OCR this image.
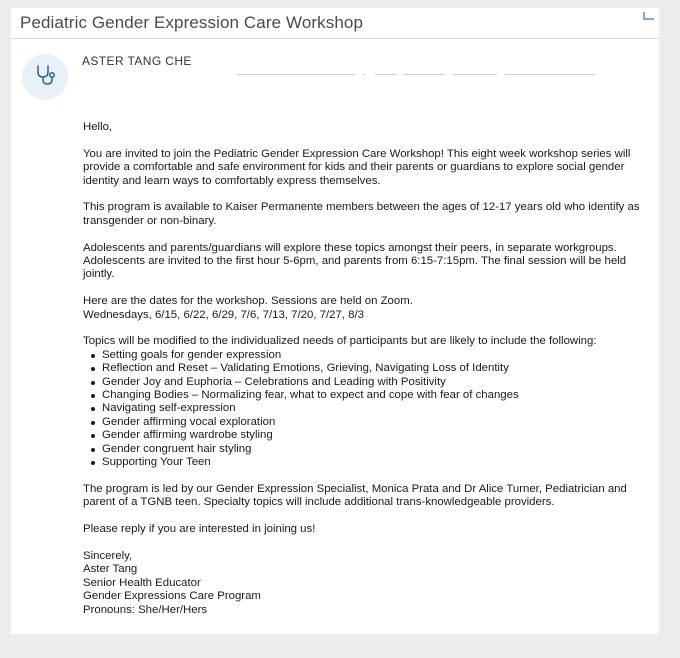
Pediatric Gender Expression Care Workshop
ASTER TANG CHE

Hello,

You are invited to join the Pediatric Gender Expression Care Workshop! This eight week workshop series will provide a comfortable and safe environment for kids and their parents or guardians to explore social gender identity and learn ways to comfortably express themselves.

This program is available to Kaiser Permanente members between the ages of 12-17 years old who identify as transgender or non-binary.

Adolescents and parents/guardians will explore these topics amongst their peers, in separate workgroups. Adolescents are invited to the first hour 5-6pm, and parents from 6:15-7:15pm. The final session will be held jointly.

Here are the dates for the workshop. Sessions are held on Zoom.
Wednesdays, 6/15, 6/22, 6/29, 7/6, 7/13, 7/20, 7/27, 8/3

Topics will be modified to the individualized needs of participants but are likely to include the following:
Setting goals for gender expression
Reflection and Reset – Validating Emotions, Grieving, Navigating Loss of Identity
Gender Joy and Euphoria – Celebrations and Leading with Positivity
Changing Bodies – Normalizing fear, what to expect and cope with fear of changes
Navigating self-expression
Gender affirming vocal exploration
Gender affirming wardrobe styling
Gender congruent hair styling
Supporting Your Teen

The program is led by our Gender Expression Specialist, Monica Prata and Dr Alice Turner, Pediatrician and parent of a TGNB teen. Specialty topics will include additional trans-knowledgeable providers.

Please reply if you are interested in joining us!

Sincerely,
Aster Tang
Senior Health Educator
Gender Expressions Care Program
Pronouns: She/Her/Hers
